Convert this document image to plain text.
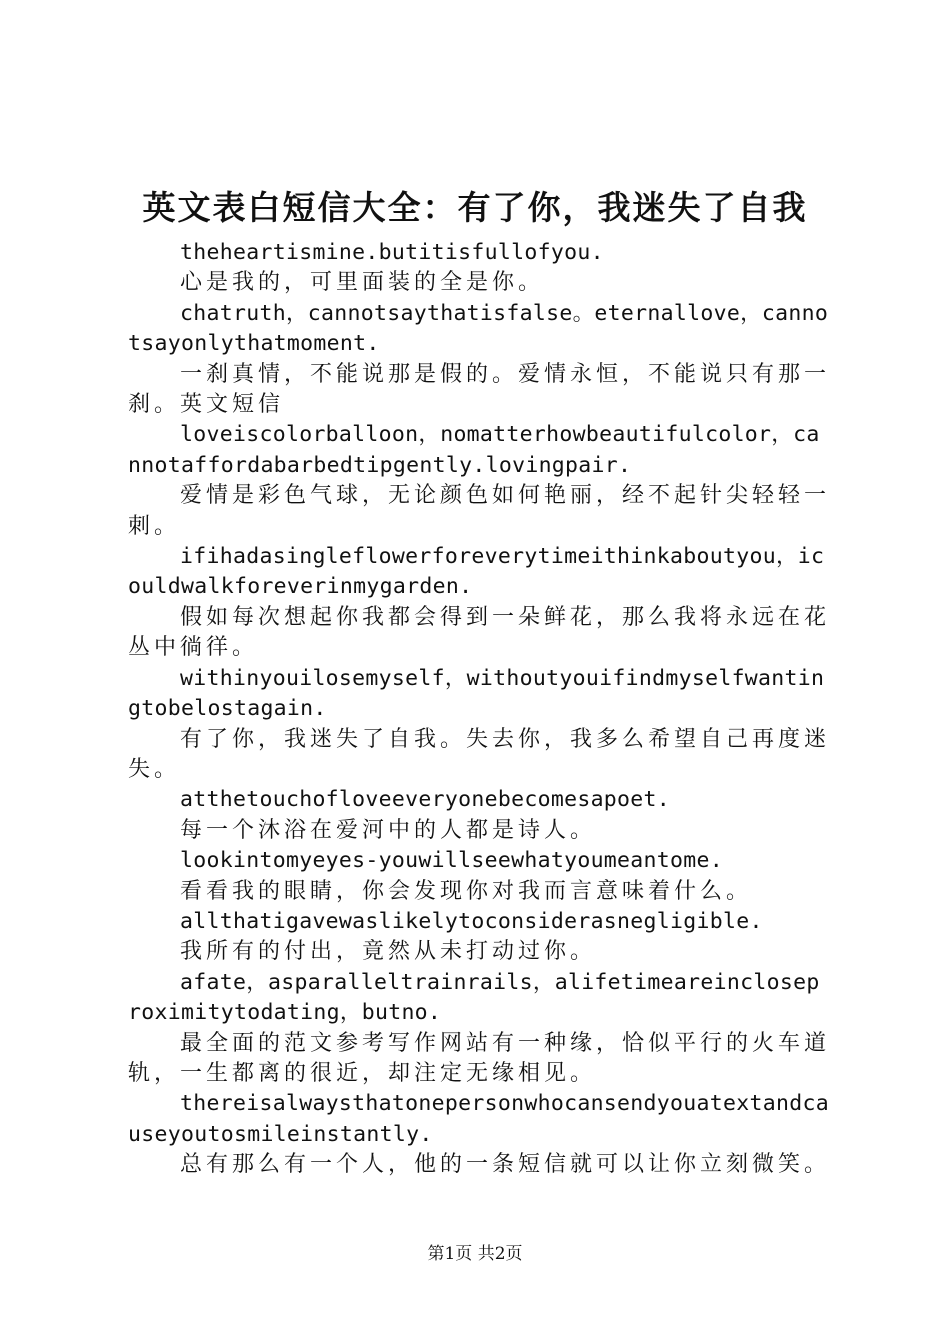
英文表白短信大全：有了你，我迷失了自我

theheartismine.butitisfullofyou.

心是我的，可里面装的全是你。

chatruth，cannotsaythatisfalse。eternallove，cannotsayonlythatmoment.

一刹真情，不能说那是假的。爱情永恒，不能说只有那一刹。英文短信

loveiscolorballoon，nomatterhowbeautifulcolor，cannotaffordabarbedtipgently.lovingpair.

爱情是彩色气球，无论颜色如何艳丽，经不起针尖轻轻一刺。

ifihadasingleflowerforeverytimeithinkaboutyou，icouldwalkforeverinmygarden.

假如每次想起你我都会得到一朵鲜花，那么我将永远在花丛中徜徉。

withinyouilosemyself，withoutyouifindmyselfwantingtobelostagain.

有了你，我迷失了自我。失去你，我多么希望自己再度迷失。

atthetouchofloveeveryonebecomesapoet.

每一个沐浴在爱河中的人都是诗人。

lookintomyeyes-youwillseewhatyoumeantome.

看看我的眼睛，你会发现你对我而言意味着什么。

allthatigavewaslikelytoconsiderasnegligible.

我所有的付出，竟然从未打动过你。

afate，asparalleltrainrails，alifetimeareincloseproximitytodating，butno.

最全面的范文参考写作网站有一种缘，恰似平行的火车道轨，一生都离的很近，却注定无缘相见。

thereisalwaysthatonepersonwhocansendyouatextandcauseyoutosmileinstantly.

总有那么有一个人，他的一条短信就可以让你立刻微笑。

第1页 共2页
